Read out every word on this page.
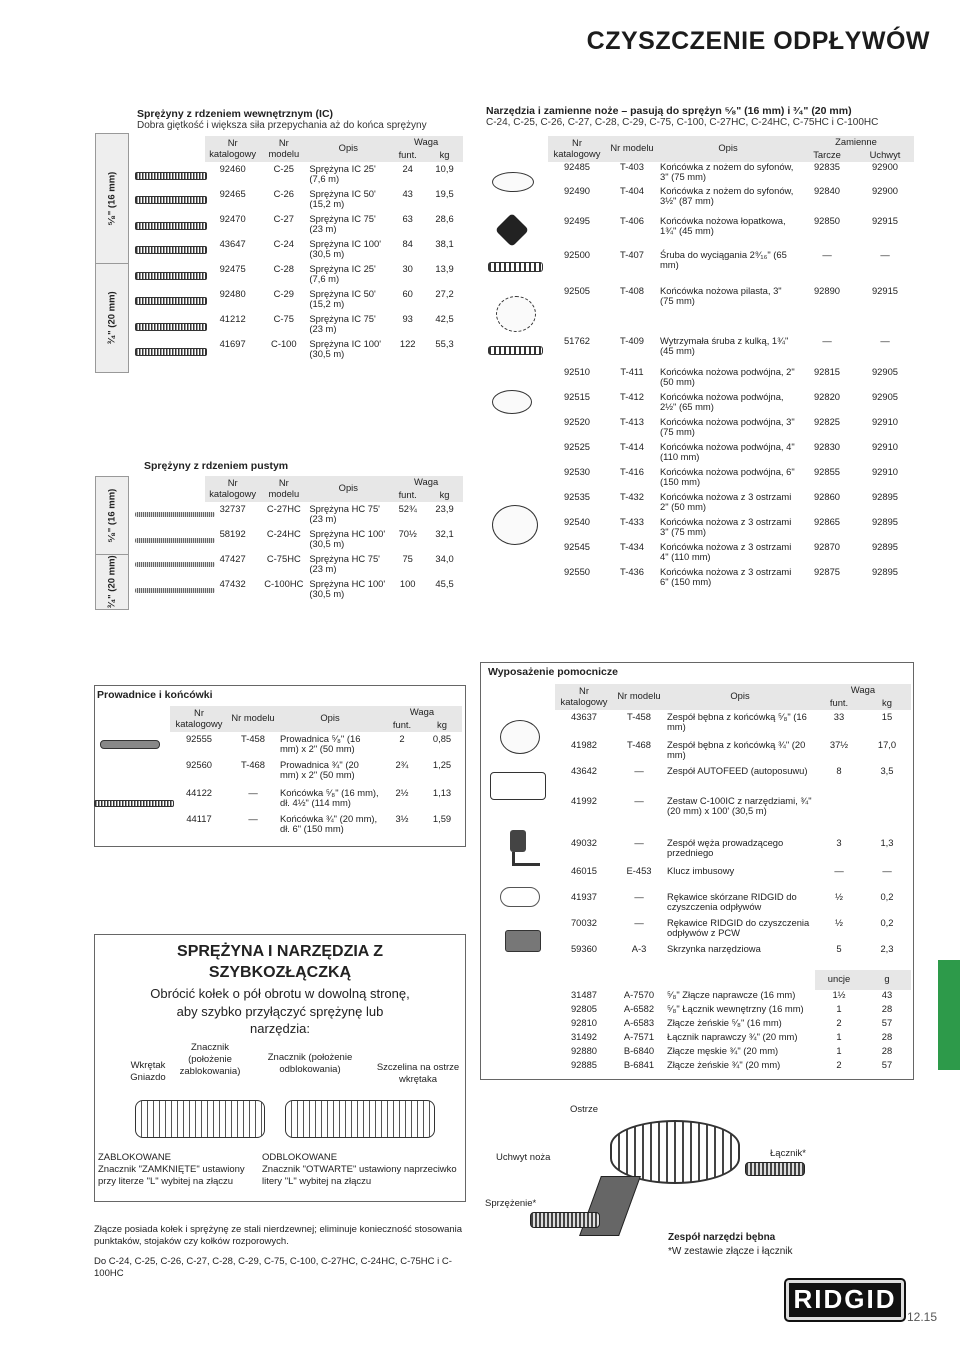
CZYSZCZENIE ODPŁYWÓW
Sprężyny z rdzeniem wewnętrznym (IC)
Dobra giętkość i większa siła przepychania aż do końca sprężyny
⁵⁄₈" (16 mm)
³⁄₄" (20 mm)
Nr katalogowy	Nr modelu	Opis	Waga	
			funt.	kg
92460	C-25	Sprężyna IC 25' (7,6 m)	24	10,9
92465	C-26	Sprężyna IC 50' (15,2 m)	43	19,5
92470	C-27	Sprężyna IC 75' (23 m)	63	28,6
43647	C-24	Sprężyna IC 100' (30,5 m)	84	38,1
92475	C-28	Sprężyna IC 25' (7,6 m)	30	13,9
92480	C-29	Sprężyna IC 50' (15,2 m)	60	27,2
41212	C-75	Sprężyna IC 75' (23 m)	93	42,5
41697	C-100	Sprężyna IC 100' (30,5 m)	122	55,3
Sprężyny z rdzeniem pustym
⁵⁄₈" (16 mm)
³⁄₄" (20 mm)
Nr katalogowy	Nr modelu	Opis	Waga	
			funt.	kg
32737	C-27HC	Sprężyna HC 75' (23 m)	52¾	23,9
58192	C-24HC	Sprężyna HC 100' (30,5 m)	70½	32,1
47427	C-75HC	Sprężyna HC 75' (23 m)	75	34,0
47432	C-100HC	Sprężyna HC 100' (30,5 m)	100	45,5
Narzędzia i zamienne noże – pasują do sprężyn ⁵⁄₈" (16 mm) i ³⁄₄" (20 mm)
C-24, C-25, C-26, C-27, C-28, C-29, C-75, C-100, C-27HC, C-24HC, C-75HC i C-100HC
Nr katalogowy	Nr modelu	Opis	Zamienne	
			Tarcze	Uchwyt
92485	T-403	Końcówka z nożem do syfonów, 3" (75 mm)	92835	92900
92490	T-404	Końcówka z nożem do syfonów, 3½" (87 mm)	92840	92900
92495	T-406	Końcówka nożowa łopatkowa, 1¾" (45 mm)	92850	92915
92500	T-407	Śruba do wyciągania 2⁹⁄₁₆" (65 mm)	—	—
92505	T-408	Końcówka nożowa pilasta, 3" (75 mm)	92890	92915
51762	T-409	Wytrzymała śruba z kulką, 1¾" (45 mm)	—	—
92510	T-411	Końcówka nożowa podwójna, 2" (50 mm)	92815	92905
92515	T-412	Końcówka nożowa podwójna, 2½" (65 mm)	92820	92905
92520	T-413	Końcówka nożowa podwójna, 3" (75 mm)	92825	92910
92525	T-414	Końcówka nożowa podwójna, 4" (110 mm)	92830	92910
92530	T-416	Końcówka nożowa podwójna, 6" (150 mm)	92855	92910
92535	T-432	Końcówka nożowa z 3 ostrzami 2" (50 mm)	92860	92895
92540	T-433	Końcówka nożowa z 3 ostrzami 3" (75 mm)	92865	92895
92545	T-434	Końcówka nożowa z 3 ostrzami 4" (110 mm)	92870	92895
92550	T-436	Końcówka nożowa z 3 ostrzami 6" (150 mm)	92875	92895
Prowadnice i końcówki
Nr katalogowy	Nr modelu	Opis	Waga	
			funt.	kg
92555	T-458	Prowadnica ⁵⁄₈" (16 mm) x 2" (50 mm)	2	0,85
92560	T-468	Prowadnica ¾" (20 mm) x 2" (50 mm)	2¾	1,25
44122	—	Końcówka ⁵⁄₈" (16 mm), dł. 4½" (114 mm)	2½	1,13
44117	—	Końcówka ¾" (20 mm), dł. 6" (150 mm)	3½	1,59
Wyposażenie pomocnicze
Nr katalogowy	Nr modelu	Opis	Waga	
			funt.	kg
43637	T-458	Zespół bębna z końcówką ⁵⁄₈" (16 mm)	33	15
41982	T-468	Zespół bębna z końcówką ¾" (20 mm)	37½	17,0
43642	—	Zespół AUTOFEED (autoposuwu)	8	3,5
41992	—	Zestaw C-100IC z narzędziami, ¾" (20 mm) x 100' (30,5 m)		
49032	—	Zespół węża prowadzącego przedniego	3	1,3
46015	E-453	Klucz imbusowy	—	—
41937	—	Rękawice skórzane RIDGID do czyszczenia odpływów	½	0,2
70032	—	Rękawice RIDGID do czyszczenia odpływów z PCW	½	0,2
59360	A-3	Skrzynka narzędziowa	5	2,3
			uncje	g
31487	A-7570	⁵⁄₈" Złącze naprawcze (16 mm)	1½	43
92805	A-6582	⁵⁄₈" Łącznik wewnętrzny (16 mm)	1	28
92810	A-6583	Złącze żeńskie ⁵⁄₈" (16 mm)	2	57
31492	A-7571	Łącznik naprawczy ¾" (20 mm)	1	28
92880	B-6840	Złącze męskie ¾" (20 mm)	1	28
92885	B-6841	Złącze żeńskie ¾" (20 mm)	2	57
SPRĘŻYNA I NARZĘDZIA Z
SZYBKOZŁĄCZKĄ
Obrócić kołek o pół obrotu w dowolną stronę, aby szybko przyłączyć sprężynę lub narzędzia:
Wkrętak
Gniazdo
Znacznik (położenie zablokowania)
Znacznik (położenie odblokowania)	Szczelina na ostrze wkrętaka
ZABLOKOWANE
Znacznik "ZAMKNIĘTE" ustawiony przy literze "L" wybitej na złączu
ODBLOKOWANE
Znacznik "OTWARTE" ustawiony naprzeciwko litery "L" wybitej na złączu
Złącze posiada kołek i sprężynę ze stali nierdzewnej; eliminuje konieczność stosowania punktaków, stojaków czy kołków rozporowych.
Do C-24, C-25, C-26, C-27, C-28, C-29, C-75, C-100, C-27HC, C-24HC, C-75HC i C-100HC
Ostrze
Uchwyt noża	Łącznik*
Sprzężenie*
Zespół narzędzi bębna
*W zestawie złącze i łącznik
RIDGID
12.15
